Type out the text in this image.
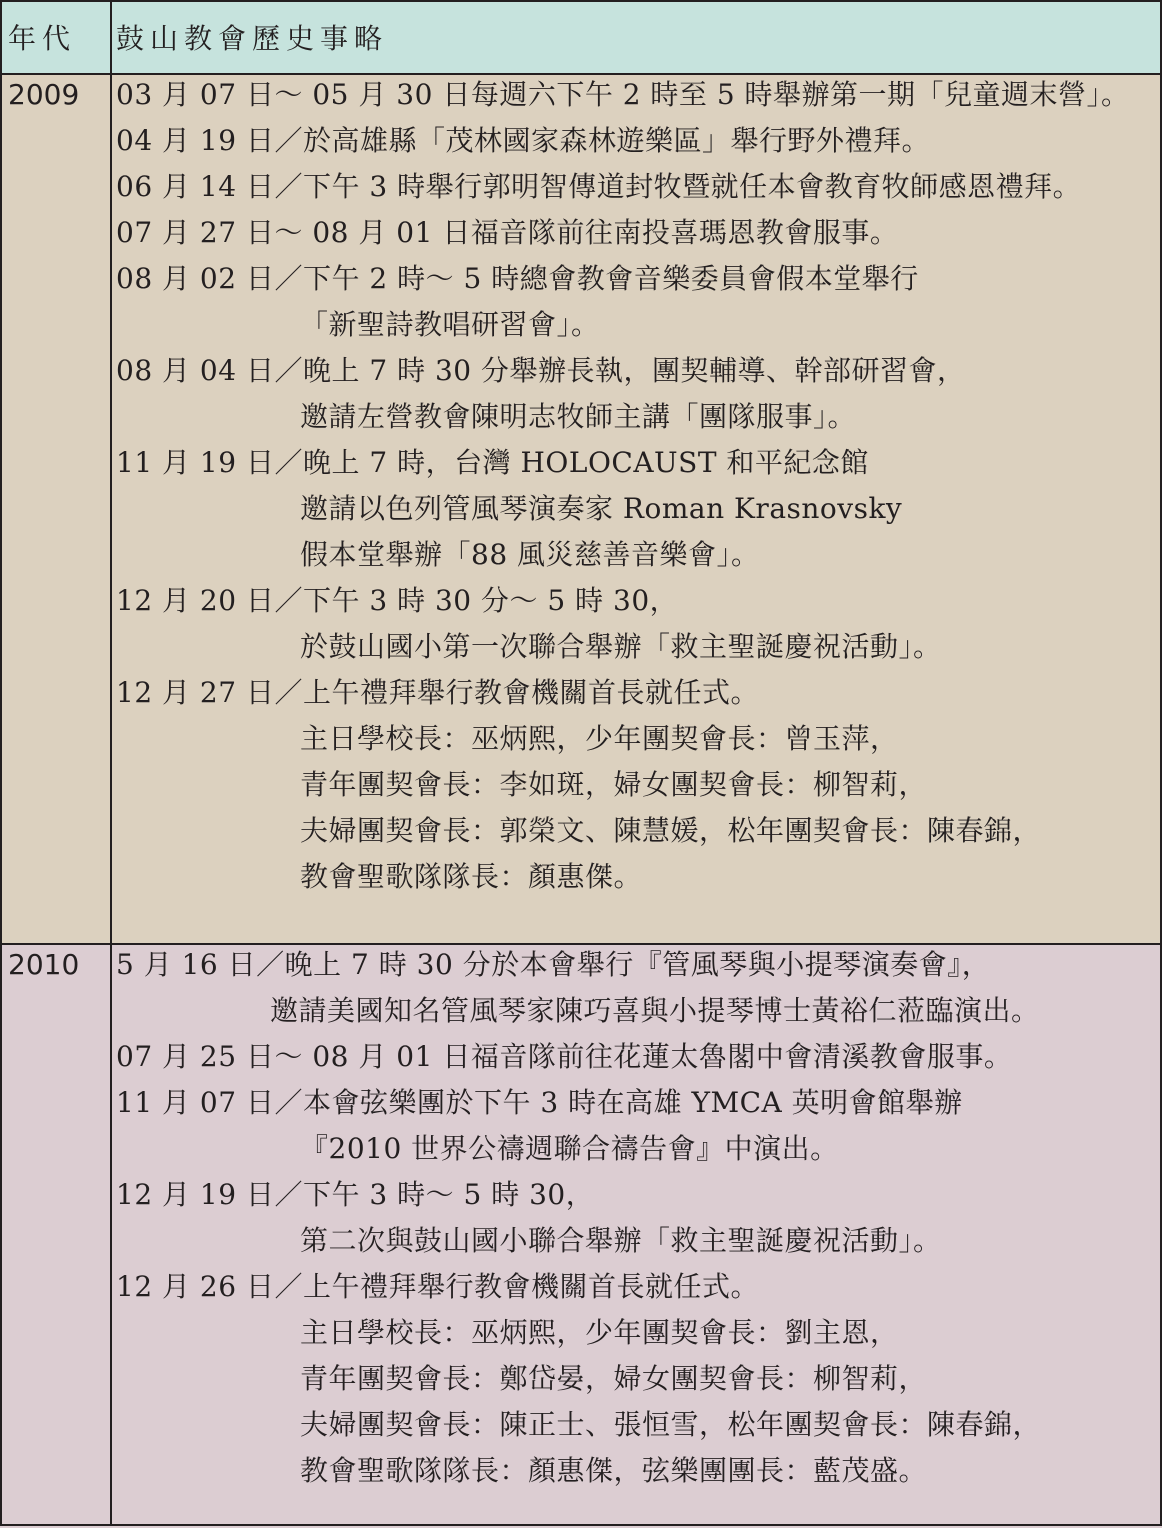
年代 鼓山教會歷史事略
2009 03 月 07 日～ 05 月 30 日每週六下午 2 時至 5 時舉辦第一期「兒童週末營」。
04 月 19 日／於高雄縣「茂林國家森林遊樂區」舉行野外禮拜。
06 月 14 日／下午 3 時舉行郭明智傳道封牧暨就任本會教育牧師感恩禮拜。
07 月 27 日～ 08 月 01 日福音隊前往南投喜瑪恩教會服事。
08 月 02 日／下午 2 時～ 5 時總會教會音樂委員會假本堂舉行
「新聖詩教唱研習會」。
08 月 04 日／晚上 7 時 30 分舉辦長執，團契輔導、幹部研習會，
邀請左營教會陳明志牧師主講「團隊服事」。
11 月 19 日／晚上 7 時，台灣 HOLOCAUST 和平紀念館
邀請以色列管風琴演奏家 Roman Krasnovsky
假本堂舉辦「88 風災慈善音樂會」。
12 月 20 日／下午 3 時 30 分～ 5 時 30，
於鼓山國小第一次聯合舉辦「救主聖誕慶祝活動」。
12 月 27 日／上午禮拜舉行教會機關首長就任式。
主日學校長：巫炳熙，少年團契會長：曾玉萍，
青年團契會長：李如斑，婦女團契會長：柳智莉，
夫婦團契會長：郭榮文、陳慧媛，松年團契會長：陳春錦，
教會聖歌隊隊長：顏惠傑。
2010 5 月 16 日／晚上 7 時 30 分於本會舉行『管風琴與小提琴演奏會』，
邀請美國知名管風琴家陳巧喜與小提琴博士黃裕仁蒞臨演出。
07 月 25 日～ 08 月 01 日福音隊前往花蓮太魯閣中會清溪教會服事。
11 月 07 日／本會弦樂團於下午 3 時在高雄 YMCA 英明會館舉辦
『2010 世界公禱週聯合禱告會』中演出。
12 月 19 日／下午 3 時～ 5 時 30，
第二次與鼓山國小聯合舉辦「救主聖誕慶祝活動」。
12 月 26 日／上午禮拜舉行教會機關首長就任式。
主日學校長：巫炳熙，少年團契會長：劉主恩，
青年團契會長：鄭岱晏，婦女團契會長：柳智莉，
夫婦團契會長：陳正士、張恒雪，松年團契會長：陳春錦，
教會聖歌隊隊長：顏惠傑，弦樂團團長：藍茂盛。
